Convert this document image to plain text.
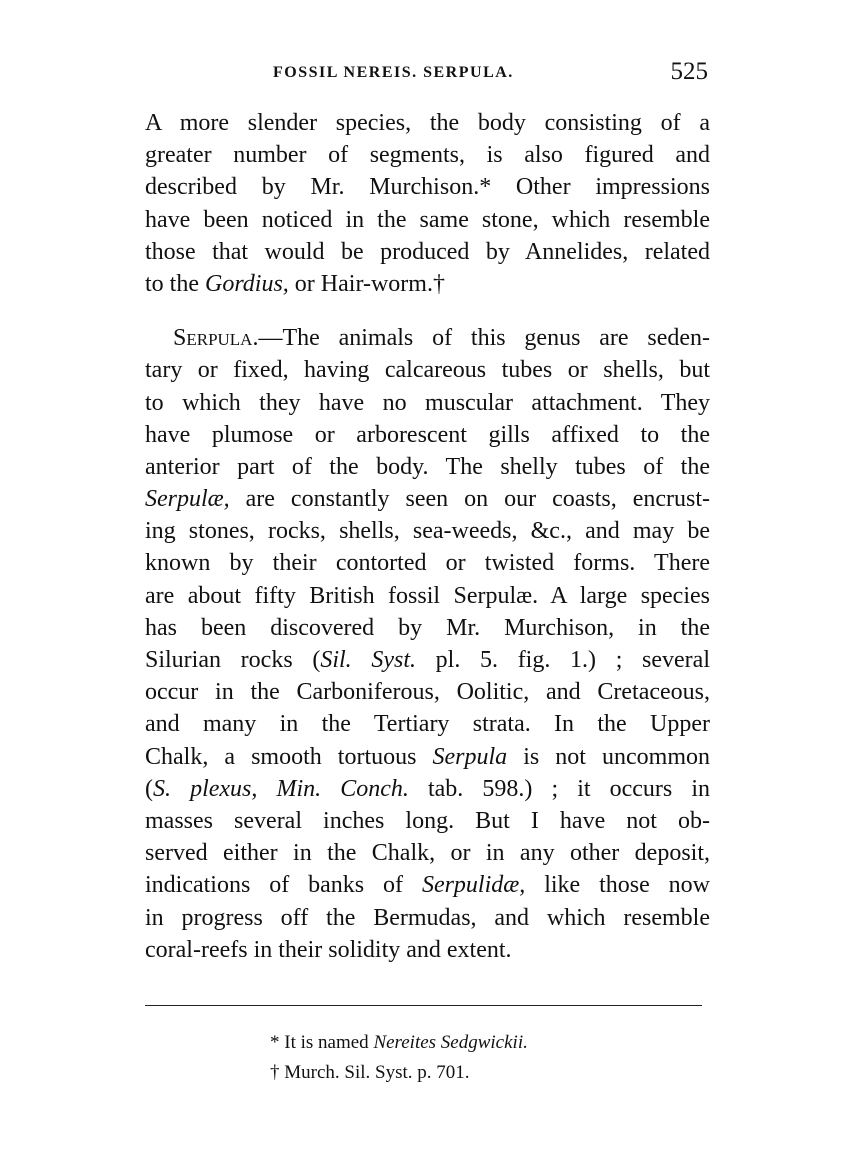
FOSSIL NEREIS. SERPULA.	525
A more slender species, the body consisting of a
greater number of segments, is also figured and
described by Mr. Murchison.* Other impressions
have been noticed in the same stone, which resemble
those that would be produced by Annelides, related
to the Gordius, or Hair-worm.†
Serpula.—The animals of this genus are seden-
tary or fixed, having calcareous tubes or shells, but
to which they have no muscular attachment. They
have plumose or arborescent gills affixed to the
anterior part of the body. The shelly tubes of the
Serpulæ, are constantly seen on our coasts, encrust-
ing stones, rocks, shells, sea-weeds, &c., and may be
known by their contorted or twisted forms. There
are about fifty British fossil Serpulæ. A large species
has been discovered by Mr. Murchison, in the
Silurian rocks (Sil. Syst. pl. 5. fig. 1.) ; several
occur in the Carboniferous, Oolitic, and Cretaceous,
and many in the Tertiary strata. In the Upper
Chalk, a smooth tortuous Serpula is not uncommon
(S. plexus, Min. Conch. tab. 598.) ; it occurs in
masses several inches long. But I have not ob-
served either in the Chalk, or in any other deposit,
indications of banks of Serpulidæ, like those now
in progress off the Bermudas, and which resemble
coral-reefs in their solidity and extent.
* It is named Nereites Sedgwickii.
† Murch. Sil. Syst. p. 701.
